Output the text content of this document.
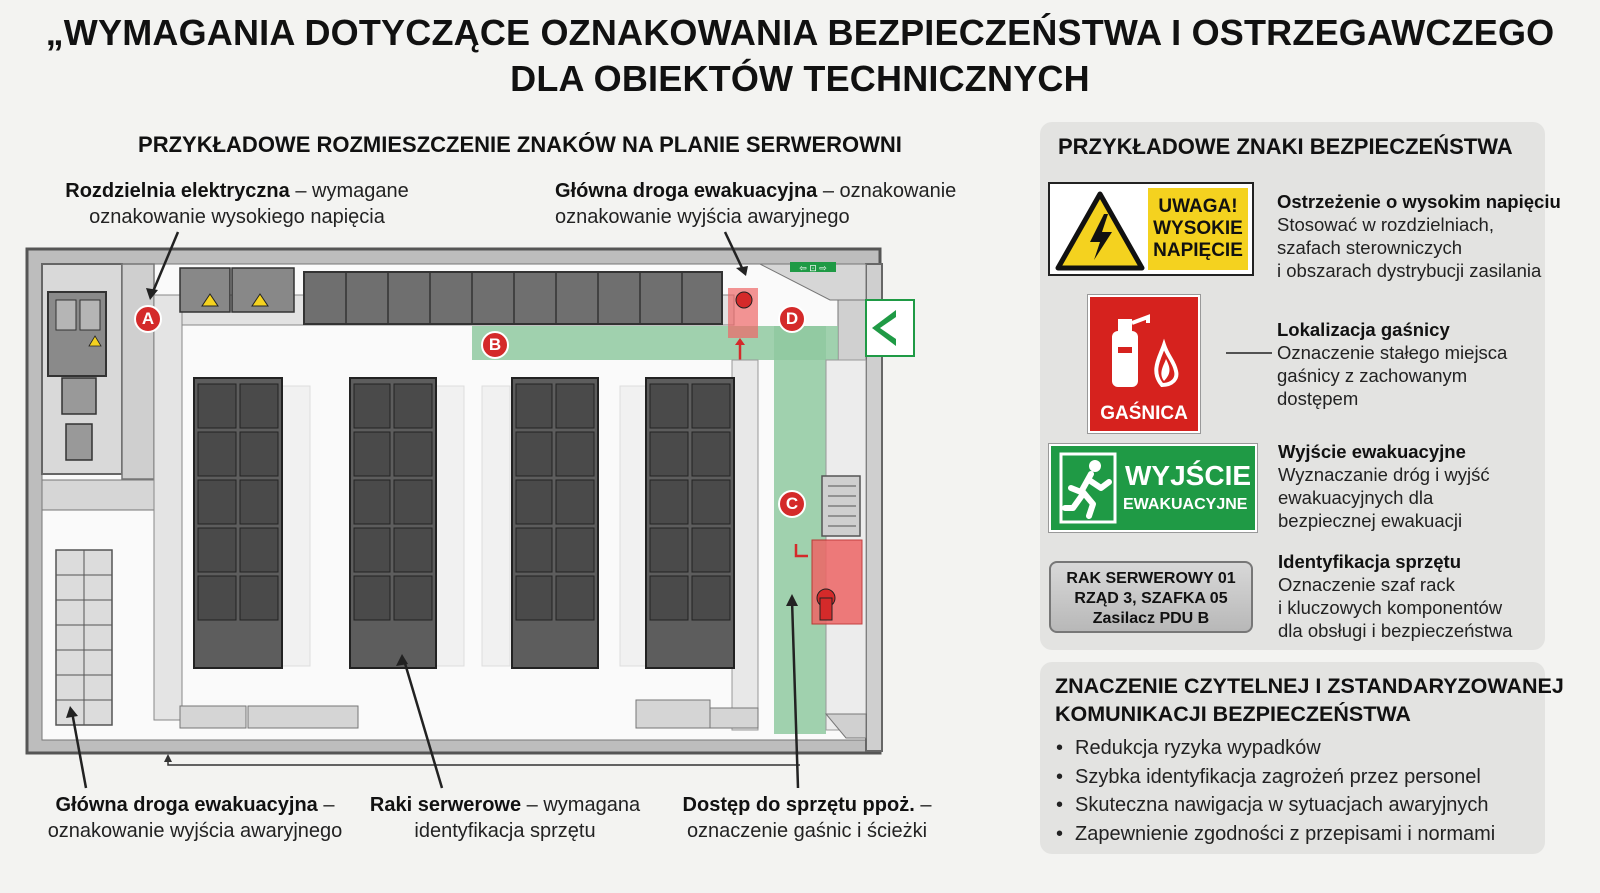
„WYMAGANIA DOTYCZĄCE OZNAKOWANIA BEZPIECZEŃSTWA I OSTRZEGAWCZEGO
DLA OBIEKTÓW TECHNICZNYCH
PRZYKŁADOWE ROZMIESZCZENIE ZNAKÓW NA PLANIE SERWEROWNI
Rozdzielnia elektryczna – wymagane
oznakowanie wysokiego napięcia
Główna droga ewakuacyjna – oznakowanie
oznakowanie wyjścia awaryjnego
⇦ ⊡ ⇨
A
B
C
D
Główna droga ewakuacyjna –
oznakowanie wyjścia awaryjnego
Raki serwerowe – wymagana
identyfikacja sprzętu
Dostęp do sprzętu ppoż. –
oznaczenie gaśnic i ścieżki
PRZYKŁADOWE ZNAKI BEZPIECZEŃSTWA
UWAGA!
WYSOKIE
NAPIĘCIE
Ostrzeżenie o wysokim napięciu
Stosować w rozdzielniach,
szafach sterowniczych
i obszarach dystrybucji zasilania
GAŚNICA
Lokalizacja gaśnicy
Oznaczenie stałego miejsca
gaśnicy z zachowanym
dostępem
WYJŚCIE
EWAKUACYJNE
Wyjście ewakuacyjne
Wyznaczanie dróg i wyjść
ewakuacyjnych dla
bezpiecznej ewakuacji
RAK SERWEROWY 01
RZĄD 3, SZAFKA 05
Zasilacz PDU B
Identyfikacja sprzętu
Oznaczenie szaf rack
i kluczowych komponentów
dla obsługi i bezpieczeństwa
ZNACZENIE CZYTELNEJ I ZSTANDARYZOWANEJ
KOMUNIKACJI BEZPIECZEŃSTWA
• Redukcja ryzyka wypadków
• Szybka identyfikacja zagrożeń przez personel
• Skuteczna nawigacja w sytuacjach awaryjnych
• Zapewnienie zgodności z przepisami i normami
